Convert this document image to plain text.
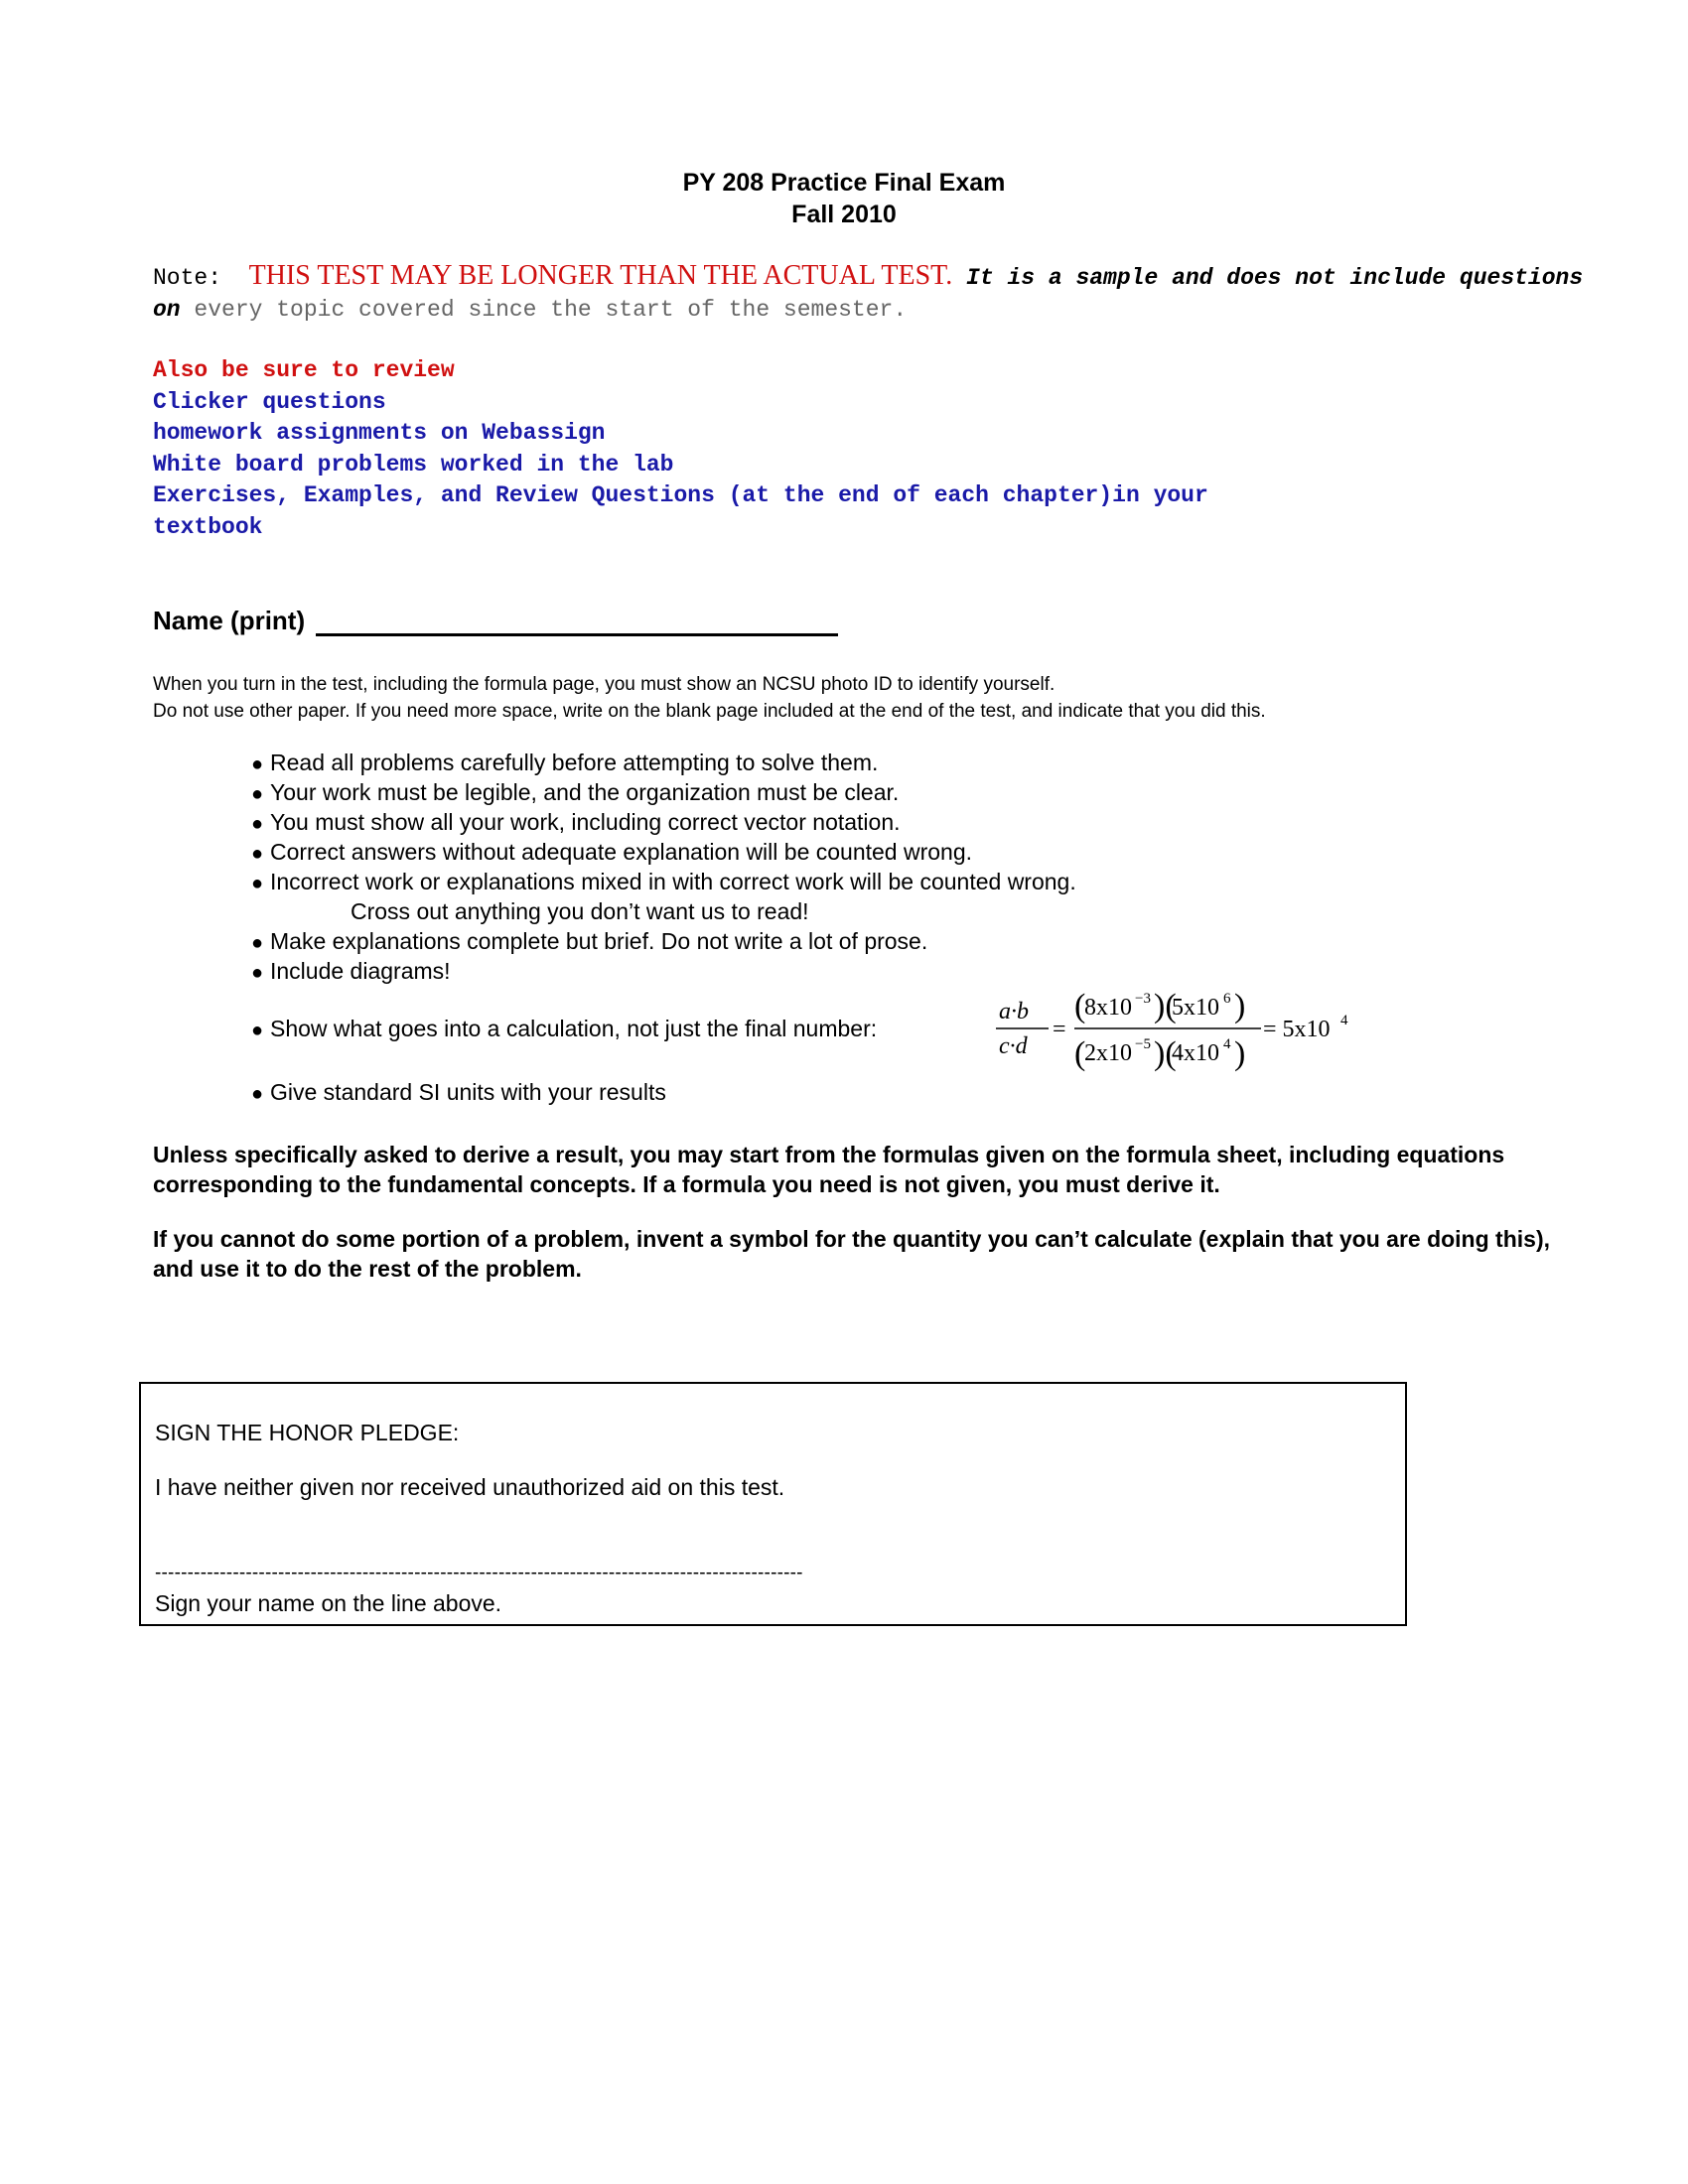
PY 208 Practice Final Exam
Fall 2010
Note: THIS TEST MAY BE LONGER THAN THE ACTUAL TEST. It is a sample and does not include questions on every topic covered since the start of the semester.
Also be sure to review
Clicker questions
homework assignments on Webassign
White board problems worked in the lab
Exercises, Examples, and Review Questions (at the end of each chapter)in your
textbook
Name (print)
When you turn in the test, including the formula page, you must show an NCSU photo ID to identify yourself.
Do not use other paper. If you need more space, write on the blank page included at the end of the test, and indicate that you did this.
● Read all problems carefully before attempting to solve them.
● Your work must be legible, and the organization must be clear.
● You must show all your work, including correct vector notation.
● Correct answers without adequate explanation will be counted wrong.
● Incorrect work or explanations mixed in with correct work will be counted wrong.
Cross out anything you don’t want us to read!
● Make explanations complete but brief. Do not write a lot of prose.
● Include diagrams!
● Show what goes into a calculation, not just the final number:
● Give standard SI units with your results
a·b
c·d
=
(
8x10 −3 )(
5x10 6 )
(
2x10 −5 )(
4x10 4 )
= 5x10 4
Unless specifically asked to derive a result, you may start from the formulas given on the formula sheet, including equations corresponding to the fundamental concepts. If a formula you need is not given, you must derive it.
If you cannot do some portion of a problem, invent a symbol for the quantity you can’t calculate (explain that you are doing this), and use it to do the rest of the problem.
SIGN THE HONOR PLEDGE:
I have neither given nor received unauthorized aid on this test.
----------------------------------------------------------------------------------------------------
Sign your name on the line above.
